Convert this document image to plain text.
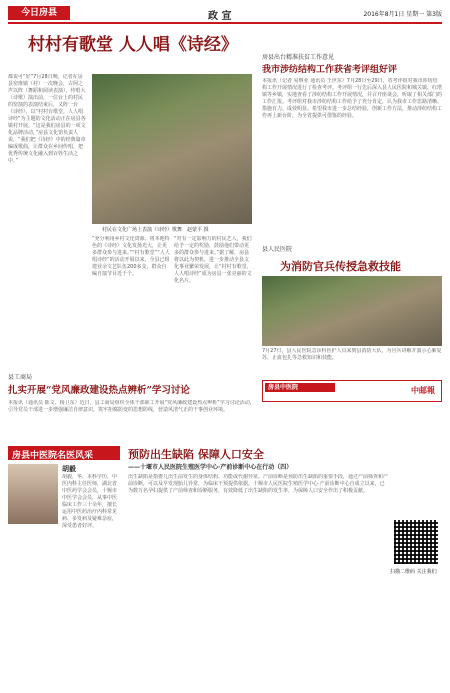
今日房县	政 宣	2016年8月1日 星期一 第3版
村村有歌堂 人人唱《诗经》
都说可“好”7月28日晚，记者在房县窑淮镇（村）一次晚会，古阿之声以阵（舞蹈和阅读表演），传唱大（诗歌）演出前，一位台上的村民的窑演的表演结束后，又阵一台《诗经》，以“村村有歌堂，人人唱诗经”为主题的文化活动正在房县各镇村开展。“这是我们房县的一项文化品牌活动，”房县文化馆负责人说，“我们把《诗经》中的经典篇章编成歌曲，让群众在乡间传唱，把优秀传统文化融入到百姓生活之中。”
村民在文化广场上表演《诗经》歌舞　赵蒙平 摄
“充分利用乡村文化资源，将本地特色的《诗经》文化发扬光大，让更多群众参与进来。”“村有歌堂”“人人唱诗经”的活动开展以来，全县已组建业余文艺队伍200多支，群众自编自演节目近千个。
“对有一定影响力的村民艺人，我们给予一定的奖励，鼓励他们带动更多的群众参与进来。”据了解，房县将以此为契机，进一步推动全县文化事业繁荣发展，让“村村有歌堂，人人唱诗经”成为房县一张亮丽的文化名片。
房县出台精准扶贫工作意见
我市涉纺结构工作获省考评组好评
本报讯（记者 易继业 通讯员 王世东）7月28日至29日，省考评组对我市涉纺结构工作开展情况进行了检查考评。考评组一行先后深入县人民医院和城关镇、红塔镇等乡镇，实地查看了涉纺结构工作开展情况，并召开座谈会，听取了相关部门的工作汇报。考评组对我市涉纺结构工作给予了充分肯定，认为我市工作思路清晰、措施有力、成效明显。希望我市进一步总结经验，创新工作方法，推动涉纺结构工作再上新台阶，为全省提供可借鉴的经验。
县人民医院
为消防官兵传授急救技能
7月27日，县人民医院急诊科医护人员来到县消防大队，为官兵讲解并演示心肺复苏、止血包扎等急救知识和技能。
房县中医院	中邮報
县工商局
扎实开展“党风廉政建设热点辨析”学习讨论
本报讯（通讯员 陈文、杨卫东）近日，县工商局组织全体干部职工开展“党风廉政建设热点辨析”学习讨论活动，引导党员干部进一步增强廉洁自律意识，筑牢拒腐防变的思想防线，营造风清气正的干事创业环境。
房县中医院名医风采
胡毅
胡毅，华，本科学历，中医内科主任医师，湖北省中医药学会会员，十堰市中医学会会员，从事中医临床工作三十余年，擅长运用中医药治疗内科常见病、多发病及疑难杂症，深受患者好评。
预防出生缺陷 保障人口安全
——十堰市人民医院生殖医学中心·产前诊断中心在行动（四）
出生缺陷是指婴儿出生前发生的身体结构、功能或代谢异常。产前诊断是预防出生缺陷的重要手段，通过产前筛查和产前诊断，可以及早发现胎儿异常，为临床干预提供依据。十堰市人民医院生殖医学中心·产前诊断中心自成立以来，已为数万名孕妇提供了产前筛查和诊断服务，有效降低了出生缺陷的发生率，为保障人口安全作出了积极贡献。
扫描二维码 关注我们
